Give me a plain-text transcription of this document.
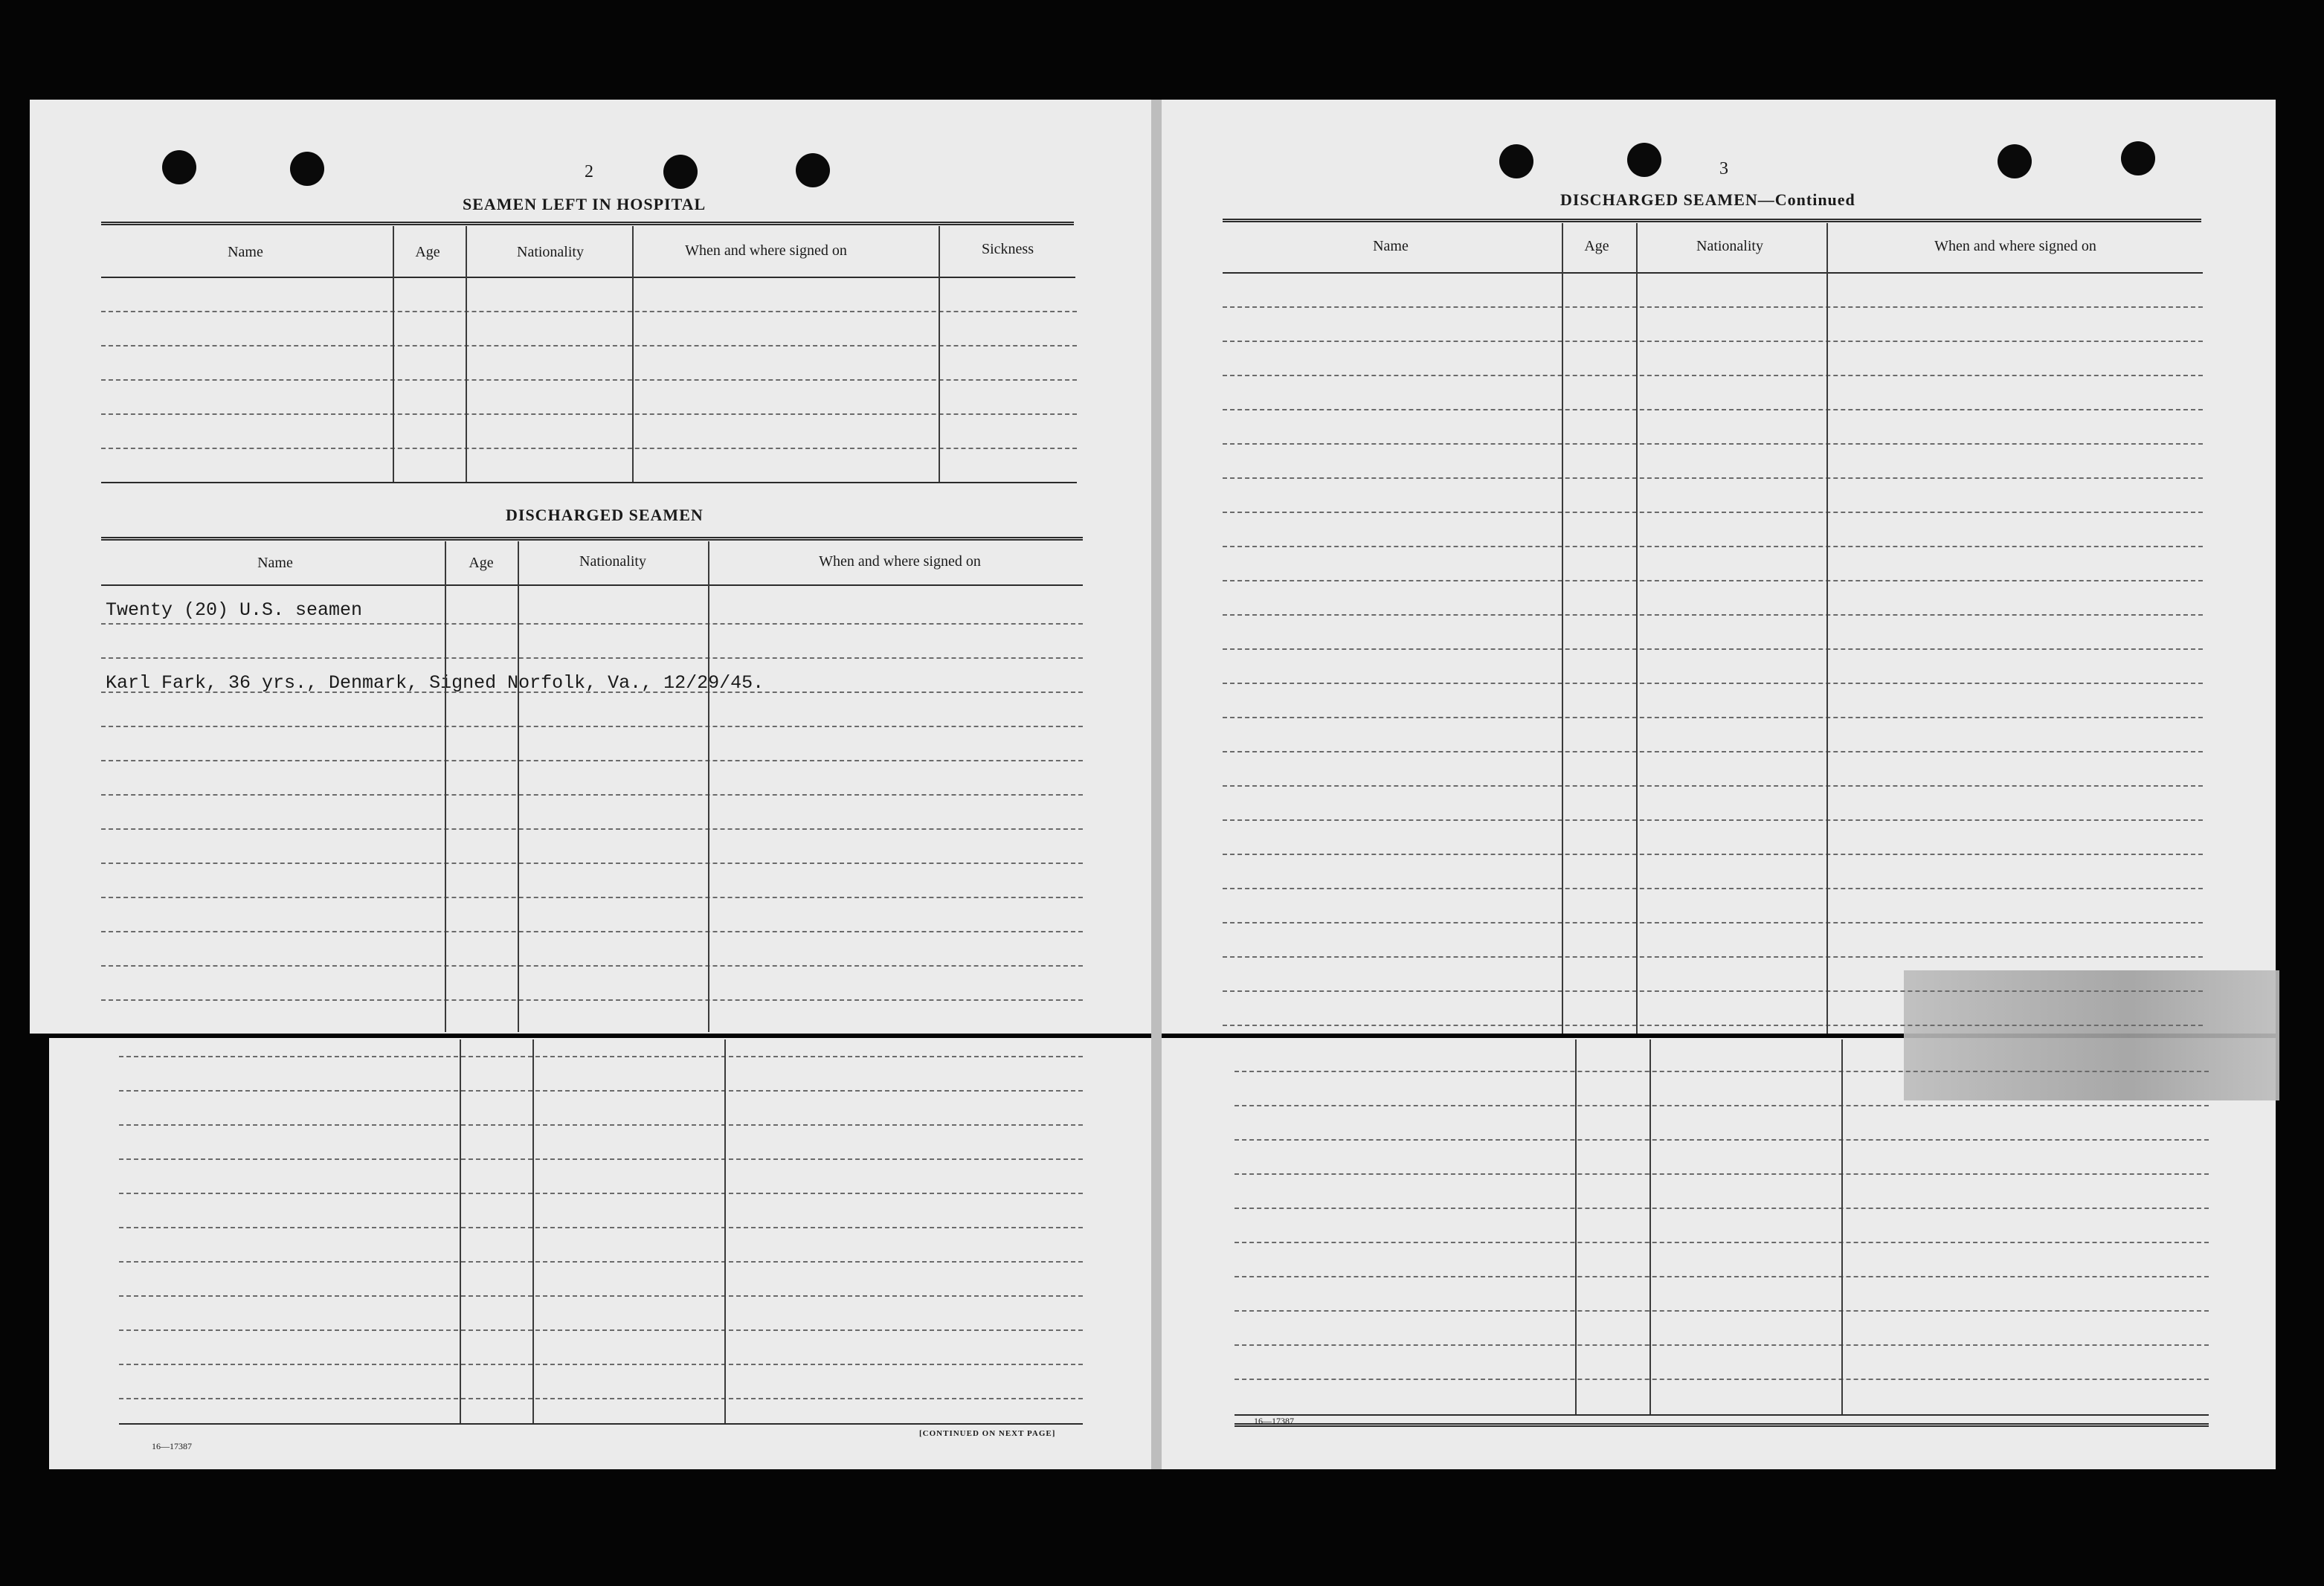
2
SEAMEN LEFT IN HOSPITAL
Name	Age	Nationality	When and where signed on	Sickness
DISCHARGED SEAMEN
Name	Age	Nationality	When and where signed on
Twenty (20) U.S. seamen
Karl Fark, 36 yrs., Denmark, Signed Norfolk, Va., 12/29/45.
16—17387
[CONTINUED ON NEXT PAGE]
3
DISCHARGED SEAMEN—Continued
Name	Age	Nationality	When and where signed on
16—17387
